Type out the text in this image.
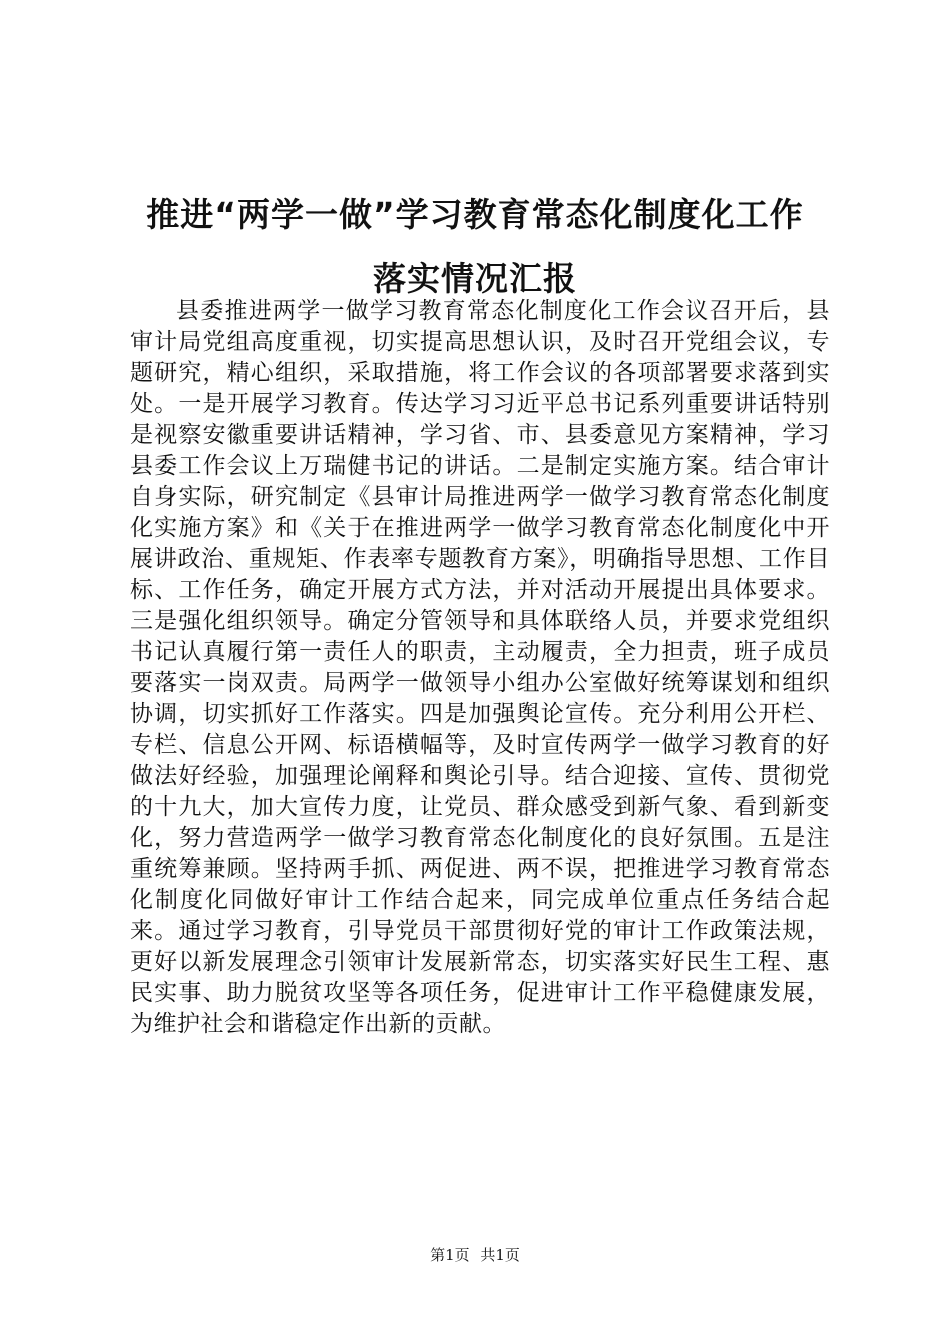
推进“两学一做”学习教育常态化制度化工作
落实情况汇报

县委推进两学一做学习教育常态化制度化工作会议召开后，县审计局党组高度重视，切实提高思想认识，及时召开党组会议，专题研究，精心组织，采取措施，将工作会议的各项部署要求落到实处。一是开展学习教育。传达学习习近平总书记系列重要讲话特别是视察安徽重要讲话精神，学习省、市、县委意见方案精神，学习县委工作会议上万瑞健书记的讲话。二是制定实施方案。结合审计自身实际，研究制定《县审计局推进两学一做学习教育常态化制度化实施方案》和《关于在推进两学一做学习教育常态化制度化中开展讲政治、重规矩、作表率专题教育方案》，明确指导思想、工作目标、工作任务，确定开展方式方法，并对活动开展提出具体要求。三是强化组织领导。确定分管领导和具体联络人员，并要求党组织书记认真履行第一责任人的职责，主动履责，全力担责，班子成员要落实一岗双责。局两学一做领导小组办公室做好统筹谋划和组织协调，切实抓好工作落实。四是加强舆论宣传。充分利用公开栏、专栏、信息公开网、标语横幅等，及时宣传两学一做学习教育的好做法好经验，加强理论阐释和舆论引导。结合迎接、宣传、贯彻党的十九大，加大宣传力度，让党员、群众感受到新气象、看到新变化，努力营造两学一做学习教育常态化制度化的良好氛围。五是注重统筹兼顾。坚持两手抓、两促进、两不误，把推进学习教育常态化制度化同做好审计工作结合起来，同完成单位重点任务结合起来。通过学习教育，引导党员干部贯彻好党的审计工作政策法规，更好以新发展理念引领审计发展新常态，切实落实好民生工程、惠民实事、助力脱贫攻坚等各项任务，促进审计工作平稳健康发展，为维护社会和谐稳定作出新的贡献。

第1页 共1页
